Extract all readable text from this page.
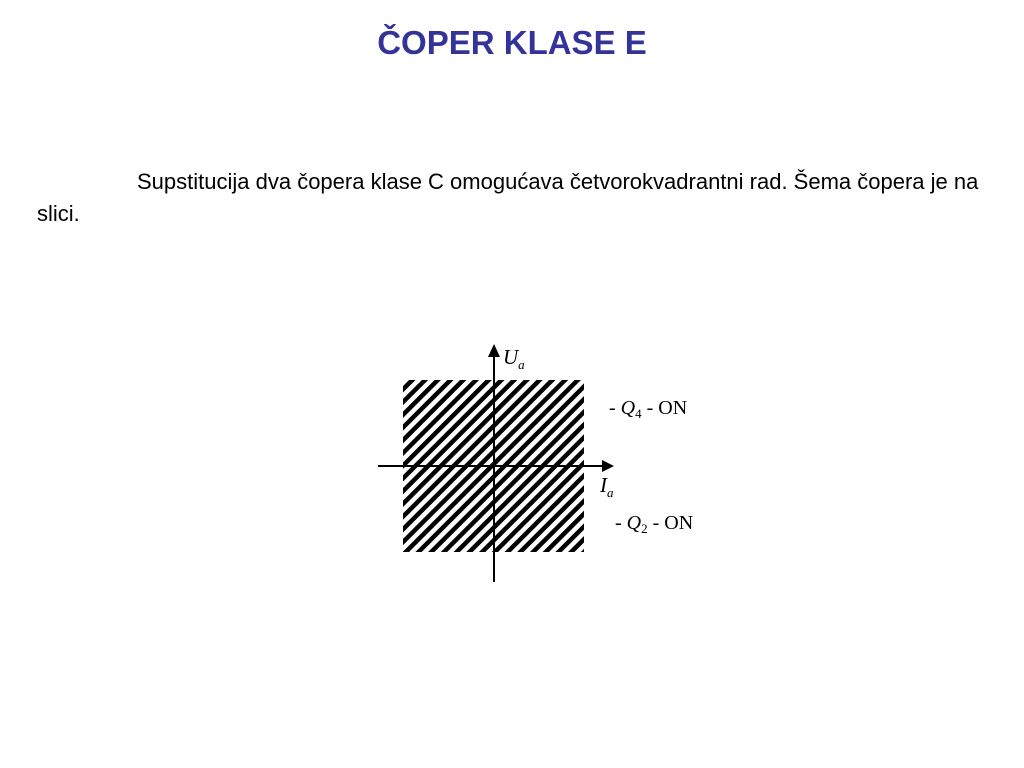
ČOPER KLASE E

Supstitucija dva čopera klase C omogućava četvorokvadrantni rad. Šema čopera je na slici.

$U_a$
$I_a$
- $Q_4$ - ON
- $Q_2$ - ON
